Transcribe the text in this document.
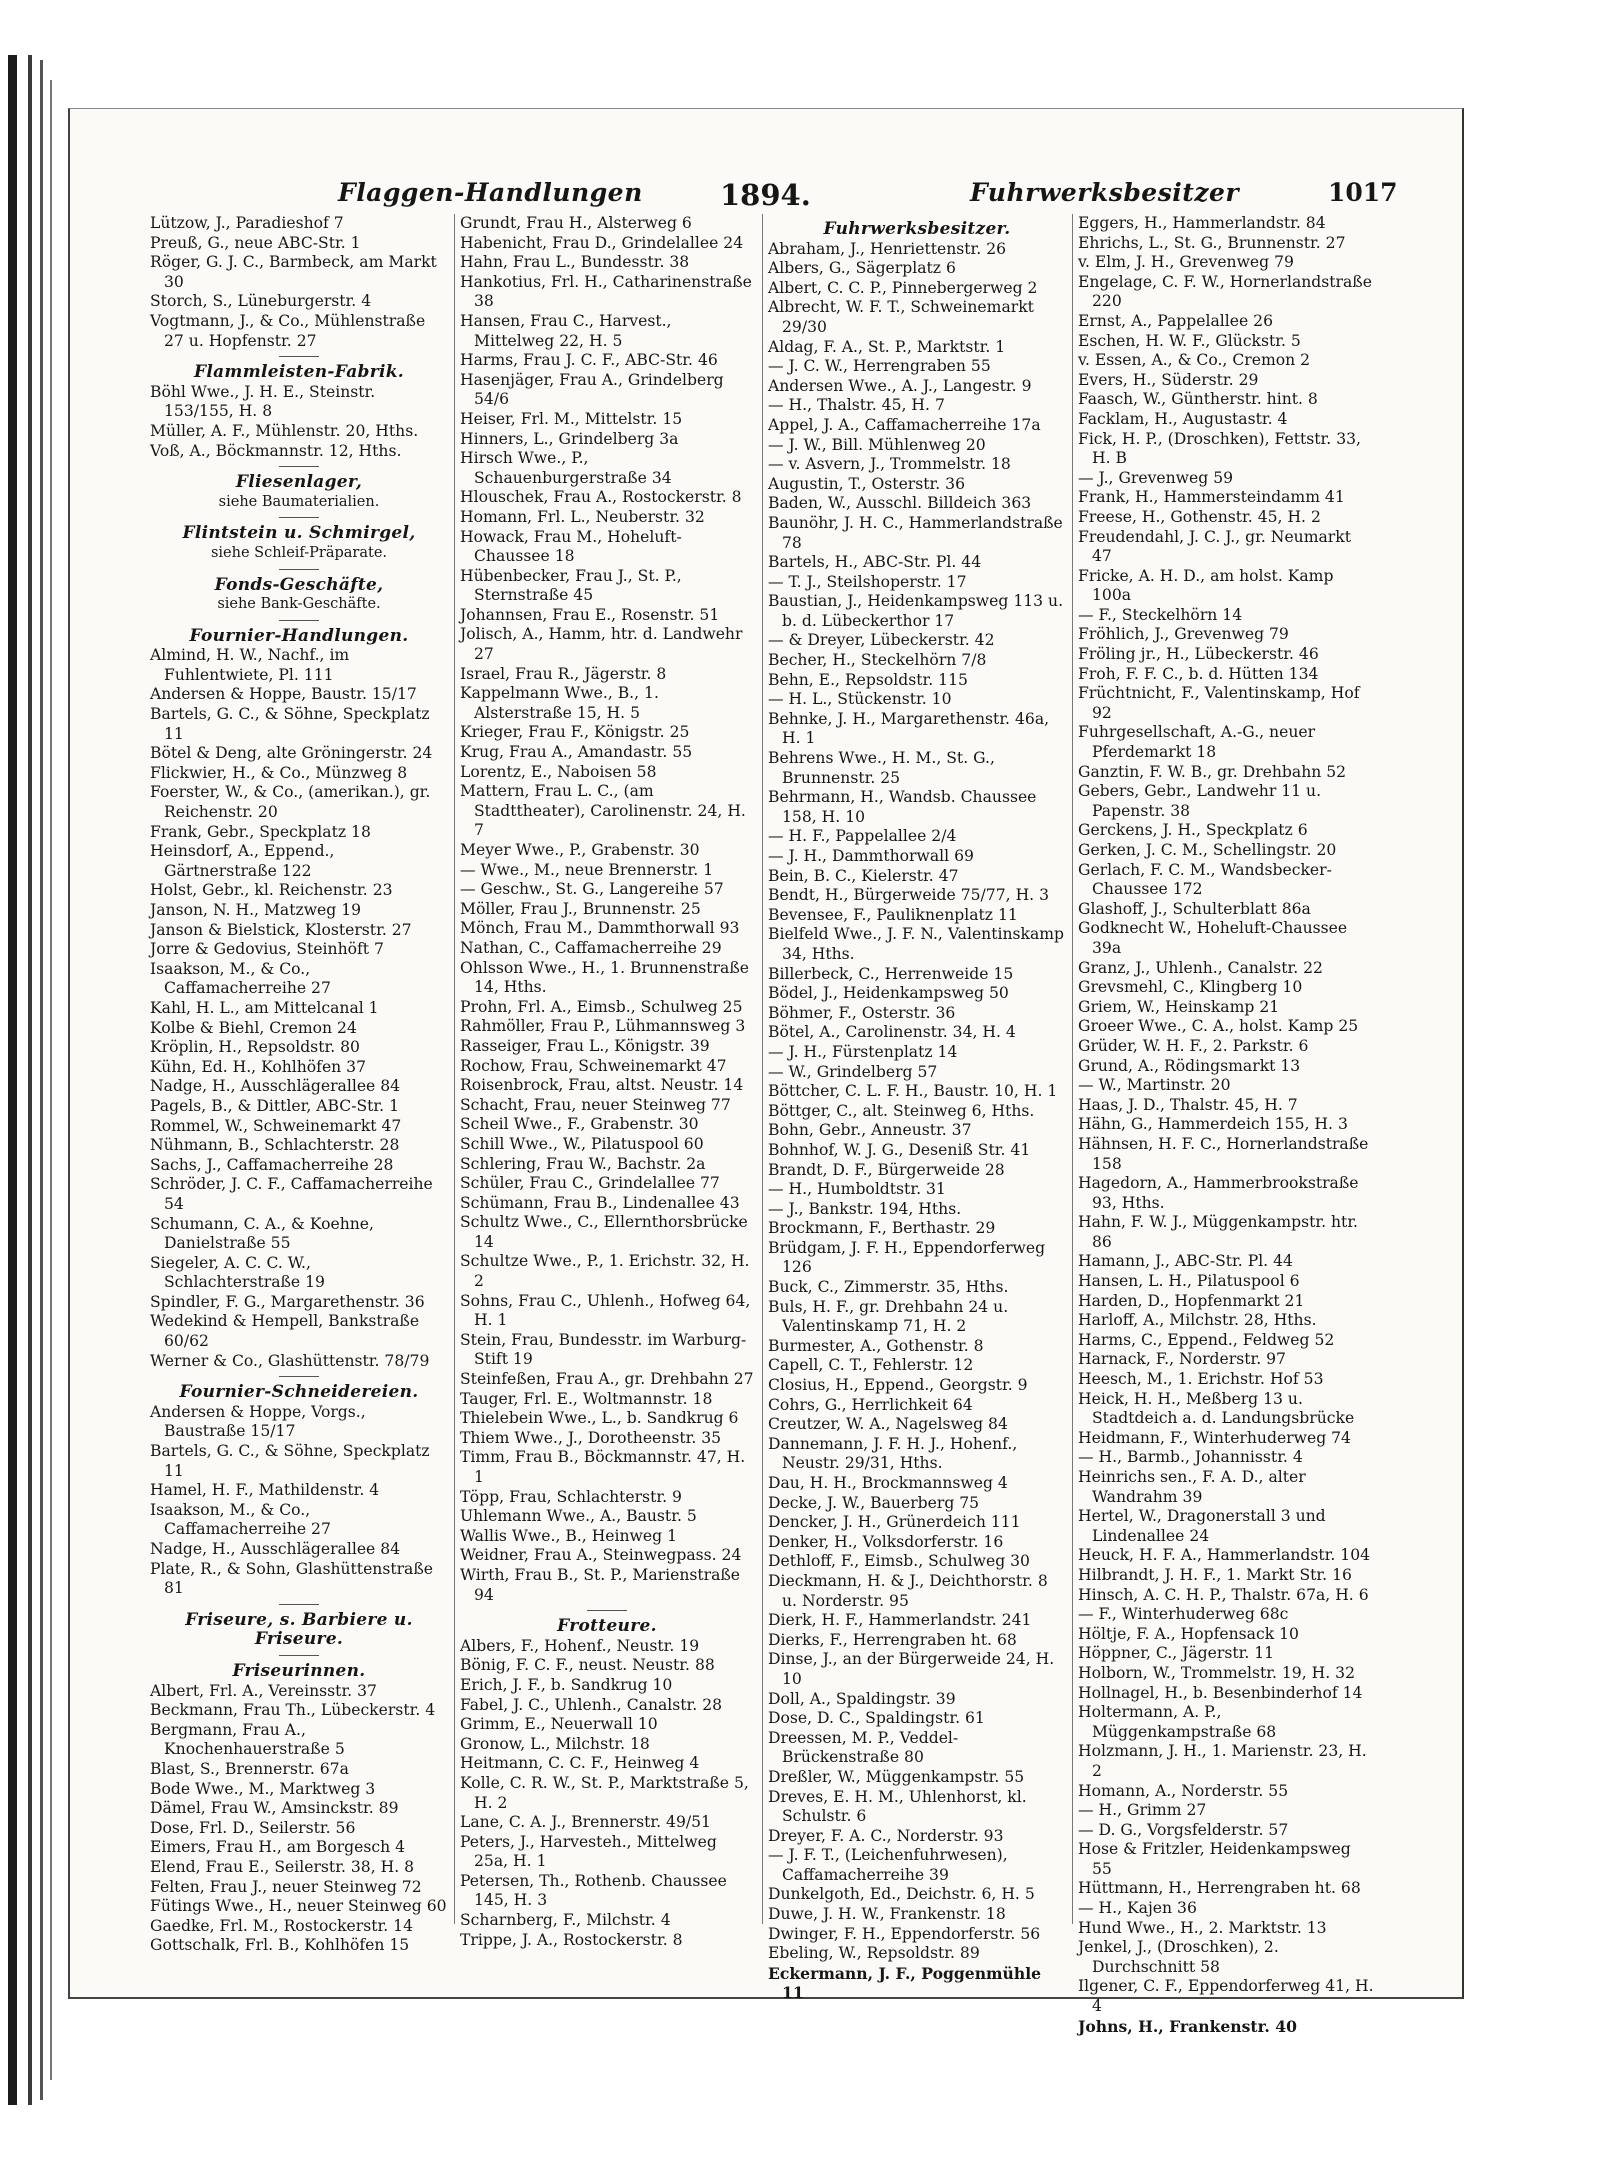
Flaggen-Handlungen	1894.	Fuhrwerksbesitzer	1017
Lützow, J., Paradieshof 7
Preuß, G., neue ABC-Str. 1
Röger, G. J. C., Barmbeck, am Markt 30
Storch, S., Lüneburgerstr. 4
Vogtmann, J., & Co., Mühlenstraße 27 u. Hopfenstr. 27
Flammleisten-Fabrik.
Böhl Wwe., J. H. E., Steinstr. 153/155, H. 8
Müller, A. F., Mühlenstr. 20, Hths.
Voß, A., Böckmannstr. 12, Hths.
Fliesenlager,
siehe Baumaterialien.
Flintstein u. Schmirgel,
siehe Schleif-Präparate.
Fonds-Geschäfte,
siehe Bank-Geschäfte.
Fournier-Handlungen.
Almind, H. W., Nachf., im Fuhlentwiete, Pl. 111
Andersen & Hoppe, Baustr. 15/17
Bartels, G. C., & Söhne, Speckplatz 11
Bötel & Deng, alte Gröningerstr. 24
Flickwier, H., & Co., Münzweg 8
Foerster, W., & Co., (amerikan.), gr. Reichenstr. 20
Frank, Gebr., Speckplatz 18
Heinsdorf, A., Eppend., Gärtnerstraße 122
Holst, Gebr., kl. Reichenstr. 23
Janson, N. H., Matzweg 19
Janson & Bielstick, Klosterstr. 27
Jorre & Gedovius, Steinhöft 7
Isaakson, M., & Co., Caffamacherreihe 27
Kahl, H. L., am Mittelcanal 1
Kolbe & Biehl, Cremon 24
Kröplin, H., Repsoldstr. 80
Kühn, Ed. H., Kohlhöfen 37
Nadge, H., Ausschlägerallee 84
Pagels, B., & Dittler, ABC-Str. 1
Rommel, W., Schweinemarkt 47
Nühmann, B., Schlachterstr. 28
Sachs, J., Caffamacherreihe 28
Schröder, J. C. F., Caffamacherreihe 54
Schumann, C. A., & Koehne, Danielstraße 55
Siegeler, A. C. C. W., Schlachterstraße 19
Spindler, F. G., Margarethenstr. 36
Wedekind & Hempell, Bankstraße 60/62
Werner & Co., Glashüttenstr. 78/79
Fournier-Schneidereien.
Andersen & Hoppe, Vorgs., Baustraße 15/17
Bartels, G. C., & Söhne, Speckplatz 11
Hamel, H. F., Mathildenstr. 4
Isaakson, M., & Co., Caffamacherreihe 27
Nadge, H., Ausschlägerallee 84
Plate, R., & Sohn, Glashüttenstraße 81
Friseure, s. Barbiere u. Friseure.
Friseurinnen.
Albert, Frl. A., Vereinsstr. 37
Beckmann, Frau Th., Lübeckerstr. 4
Bergmann, Frau A., Knochenhauerstraße 5
Blast, S., Brennerstr. 67a
Bode Wwe., M., Marktweg 3
Dämel, Frau W., Amsinckstr. 89
Dose, Frl. D., Seilerstr. 56
Eimers, Frau H., am Borgesch 4
Elend, Frau E., Seilerstr. 38, H. 8
Felten, Frau J., neuer Steinweg 72
Fütings Wwe., H., neuer Steinweg 60
Gaedke, Frl. M., Rostockerstr. 14
Gottschalk, Frl. B., Kohlhöfen 15
Grundt, Frau H., Alsterweg 6
Habenicht, Frau D., Grindelallee 24
Hahn, Frau L., Bundesstr. 38
Hankotius, Frl. H., Catharinenstraße 38
Hansen, Frau C., Harvest., Mittelweg 22, H. 5
Harms, Frau J. C. F., ABC-Str. 46
Hasenjäger, Frau A., Grindelberg 54/6
Heiser, Frl. M., Mittelstr. 15
Hinners, L., Grindelberg 3a
Hirsch Wwe., P., Schauenburgerstraße 34
Hlouschek, Frau A., Rostockerstr. 8
Homann, Frl. L., Neuberstr. 32
Howack, Frau M., Hoheluft-Chaussee 18
Hübenbecker, Frau J., St. P., Sternstraße 45
Johannsen, Frau E., Rosenstr. 51
Jolisch, A., Hamm, htr. d. Landwehr 27
Israel, Frau R., Jägerstr. 8
Kappelmann Wwe., B., 1. Alsterstraße 15, H. 5
Krieger, Frau F., Königstr. 25
Krug, Frau A., Amandastr. 55
Lorentz, E., Naboisen 58
Mattern, Frau L. C., (am Stadttheater), Carolinenstr. 24, H. 7
Meyer Wwe., P., Grabenstr. 30
— Wwe., M., neue Brennerstr. 1
— Geschw., St. G., Langereihe 57
Möller, Frau J., Brunnenstr. 25
Mönch, Frau M., Dammthorwall 93
Nathan, C., Caffamacherreihe 29
Ohlsson Wwe., H., 1. Brunnenstraße 14, Hths.
Prohn, Frl. A., Eimsb., Schulweg 25
Rahmöller, Frau P., Lühmannsweg 3
Rasseiger, Frau L., Königstr. 39
Rochow, Frau, Schweinemarkt 47
Roisenbrock, Frau, altst. Neustr. 14
Schacht, Frau, neuer Steinweg 77
Scheil Wwe., F., Grabenstr. 30
Schill Wwe., W., Pilatuspool 60
Schlering, Frau W., Bachstr. 2a
Schüler, Frau C., Grindelallee 77
Schümann, Frau B., Lindenallee 43
Schultz Wwe., C., Ellernthorsbrücke 14
Schultze Wwe., P., 1. Erichstr. 32, H. 2
Sohns, Frau C., Uhlenh., Hofweg 64, H. 1
Stein, Frau, Bundesstr. im Warburg-Stift 19
Steinfeßen, Frau A., gr. Drehbahn 27
Tauger, Frl. E., Woltmannstr. 18
Thielebein Wwe., L., b. Sandkrug 6
Thiem Wwe., J., Dorotheenstr. 35
Timm, Frau B., Böckmannstr. 47, H. 1
Töpp, Frau, Schlachterstr. 9
Uhlemann Wwe., A., Baustr. 5
Wallis Wwe., B., Heinweg 1
Weidner, Frau A., Steinwegpass. 24
Wirth, Frau B., St. P., Marienstraße 94
Frotteure.
Albers, F., Hohenf., Neustr. 19
Bönig, F. C. F., neust. Neustr. 88
Erich, J. F., b. Sandkrug 10
Fabel, J. C., Uhlenh., Canalstr. 28
Grimm, E., Neuerwall 10
Gronow, L., Milchstr. 18
Heitmann, C. C. F., Heinweg 4
Kolle, C. R. W., St. P., Marktstraße 5, H. 2
Lane, C. A. J., Brennerstr. 49/51
Peters, J., Harvesteh., Mittelweg 25a, H. 1
Petersen, Th., Rothenb. Chaussee 145, H. 3
Scharnberg, F., Milchstr. 4
Trippe, J. A., Rostockerstr. 8
Fuhrwerksbesitzer.
Abraham, J., Henriettenstr. 26
Albers, G., Sägerplatz 6
Albert, C. C. P., Pinnebergerweg 2
Albrecht, W. F. T., Schweinemarkt 29/30
Aldag, F. A., St. P., Marktstr. 1
— J. C. W., Herrengraben 55
Andersen Wwe., A. J., Langestr. 9
— H., Thalstr. 45, H. 7
Appel, J. A., Caffamacherreihe 17a
— J. W., Bill. Mühlenweg 20
— v. Asvern, J., Trommelstr. 18
Augustin, T., Osterstr. 36
Baden, W., Ausschl. Billdeich 363
Baunöhr, J. H. C., Hammerlandstraße 78
Bartels, H., ABC-Str. Pl. 44
— T. J., Steilshoperstr. 17
Baustian, J., Heidenkampsweg 113 u. b. d. Lübeckerthor 17
— & Dreyer, Lübeckerstr. 42
Becher, H., Steckelhörn 7/8
Behn, E., Repsoldstr. 115
— H. L., Stückenstr. 10
Behnke, J. H., Margarethenstr. 46a, H. 1
Behrens Wwe., H. M., St. G., Brunnenstr. 25
Behrmann, H., Wandsb. Chaussee 158, H. 10
— H. F., Pappelallee 2/4
— J. H., Dammthorwall 69
Bein, B. C., Kielerstr. 47
Bendt, H., Bürgerweide 75/77, H. 3
Bevensee, F., Pauliknenplatz 11
Bielfeld Wwe., J. F. N., Valentinskamp 34, Hths.
Billerbeck, C., Herrenweide 15
Bödel, J., Heidenkampsweg 50
Böhmer, F., Osterstr. 36
Bötel, A., Carolinenstr. 34, H. 4
— J. H., Fürstenplatz 14
— W., Grindelberg 57
Böttcher, C. L. F. H., Baustr. 10, H. 1
Böttger, C., alt. Steinweg 6, Hths.
Bohn, Gebr., Anneustr. 37
Bohnhof, W. J. G., Deseniß Str. 41
Brandt, D. F., Bürgerweide 28
— H., Humboldtstr. 31
— J., Bankstr. 194, Hths.
Brockmann, F., Berthastr. 29
Brüdgam, J. F. H., Eppendorferweg 126
Buck, C., Zimmerstr. 35, Hths.
Buls, H. F., gr. Drehbahn 24 u. Valentinskamp 71, H. 2
Burmester, A., Gothenstr. 8
Capell, C. T., Fehlerstr. 12
Closius, H., Eppend., Georgstr. 9
Cohrs, G., Herrlichkeit 64
Creutzer, W. A., Nagelsweg 84
Dannemann, J. F. H. J., Hohenf., Neustr. 29/31, Hths.
Dau, H. H., Brockmannsweg 4
Decke, J. W., Bauerberg 75
Dencker, J. H., Grünerdeich 111
Denker, H., Volksdorferstr. 16
Dethloff, F., Eimsb., Schulweg 30
Dieckmann, H. & J., Deichthorstr. 8 u. Norderstr. 95
Dierk, H. F., Hammerlandstr. 241
Dierks, F., Herrengraben ht. 68
Dinse, J., an der Bürgerweide 24, H. 10
Doll, A., Spaldingstr. 39
Dose, D. C., Spaldingstr. 61
Dreessen, M. P., Veddel-Brückenstraße 80
Dreßler, W., Müggenkampstr. 55
Dreves, E. H. M., Uhlenhorst, kl. Schulstr. 6
Dreyer, F. A. C., Norderstr. 93
— J. F. T., (Leichenfuhrwesen), Caffamacherreihe 39
Dunkelgoth, Ed., Deichstr. 6, H. 5
Duwe, J. H. W., Frankenstr. 18
Dwinger, F. H., Eppendorferstr. 56
Ebeling, W., Repsoldstr. 89
Eckermann, J. F., Poggenmühle 11
Eggers, H., Hammerlandstr. 84
Ehrichs, L., St. G., Brunnenstr. 27
v. Elm, J. H., Grevenweg 79
Engelage, C. F. W., Hornerlandstraße 220
Ernst, A., Pappelallee 26
Eschen, H. W. F., Glückstr. 5
v. Essen, A., & Co., Cremon 2
Evers, H., Süderstr. 29
Faasch, W., Güntherstr. hint. 8
Facklam, H., Augustastr. 4
Fick, H. P., (Droschken), Fettstr. 33, H. B
— J., Grevenweg 59
Frank, H., Hammersteindamm 41
Freese, H., Gothenstr. 45, H. 2
Freudendahl, J. C. J., gr. Neumarkt 47
Fricke, A. H. D., am holst. Kamp 100a
— F., Steckelhörn 14
Fröhlich, J., Grevenweg 79
Fröling jr., H., Lübeckerstr. 46
Froh, F. F. C., b. d. Hütten 134
Früchtnicht, F., Valentinskamp, Hof 92
Fuhrgesellschaft, A.-G., neuer Pferdemarkt 18
Ganztin, F. W. B., gr. Drehbahn 52
Gebers, Gebr., Landwehr 11 u. Papenstr. 38
Gerckens, J. H., Speckplatz 6
Gerken, J. C. M., Schellingstr. 20
Gerlach, F. C. M., Wandsbecker-Chaussee 172
Glashoff, J., Schulterblatt 86a
Godknecht W., Hoheluft-Chaussee 39a
Granz, J., Uhlenh., Canalstr. 22
Grevsmehl, C., Klingberg 10
Griem, W., Heinskamp 21
Groeer Wwe., C. A., holst. Kamp 25
Grüder, W. H. F., 2. Parkstr. 6
Grund, A., Rödingsmarkt 13
— W., Martinstr. 20
Haas, J. D., Thalstr. 45, H. 7
Hähn, G., Hammerdeich 155, H. 3
Hähnsen, H. F. C., Hornerlandstraße 158
Hagedorn, A., Hammerbrookstraße 93, Hths.
Hahn, F. W. J., Müggenkampstr. htr. 86
Hamann, J., ABC-Str. Pl. 44
Hansen, L. H., Pilatuspool 6
Harden, D., Hopfenmarkt 21
Harloff, A., Milchstr. 28, Hths.
Harms, C., Eppend., Feldweg 52
Harnack, F., Norderstr. 97
Heesch, M., 1. Erichstr. Hof 53
Heick, H. H., Meßberg 13 u. Stadtdeich a. d. Landungsbrücke
Heidmann, F., Winterhuderweg 74
— H., Barmb., Johannisstr. 4
Heinrichs sen., F. A. D., alter Wandrahm 39
Hertel, W., Dragonerstall 3 und Lindenallee 24
Heuck, H. F. A., Hammerlandstr. 104
Hilbrandt, J. H. F., 1. Markt Str. 16
Hinsch, A. C. H. P., Thalstr. 67a, H. 6
— F., Winterhuderweg 68c
Höltje, F. A., Hopfensack 10
Höppner, C., Jägerstr. 11
Holborn, W., Trommelstr. 19, H. 32
Hollnagel, H., b. Besenbinderhof 14
Holtermann, A. P., Müggenkampstraße 68
Holzmann, J. H., 1. Marienstr. 23, H. 2
Homann, A., Norderstr. 55
— H., Grimm 27
— D. G., Vorgsfelderstr. 57
Hose & Fritzler, Heidenkampsweg 55
Hüttmann, H., Herrengraben ht. 68
— H., Kajen 36
Hund Wwe., H., 2. Marktstr. 13
Jenkel, J., (Droschken), 2. Durchschnitt 58
Ilgener, C. F., Eppendorferweg 41, H. 4
Johns, H., Frankenstr. 40
